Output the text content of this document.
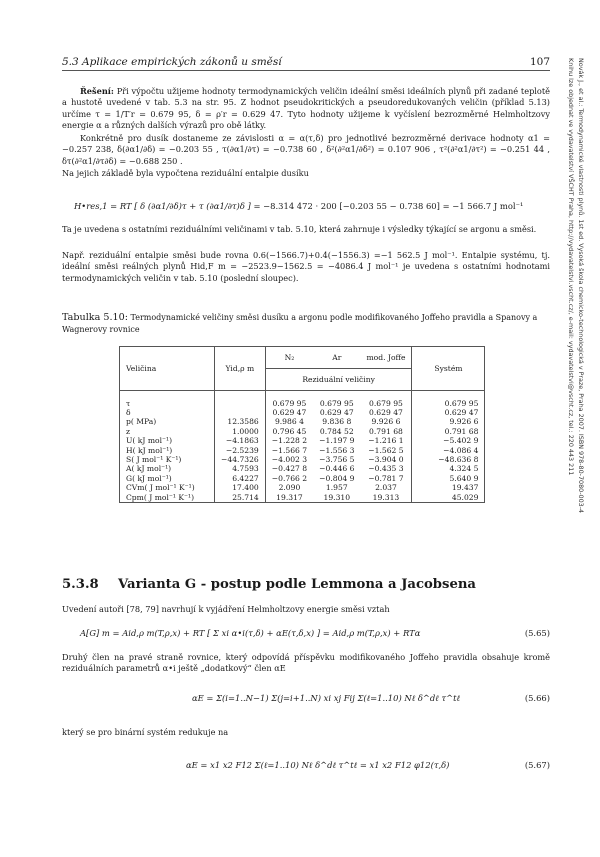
5.3 Aplikace empirických zákonů u směsí	107
Řešení: Při výpočtu užijeme hodnoty termodynamických veličin ideální směsi ideálních plynů při zadané teplotě a hustotě uvedené v tab. 5.3 na str. 95. Z hodnot pseudokritických a pseudoredukovaných veličin (příklad 5.13) určíme τ = 1/T′r = 0.679 95, δ = ρ′r = 0.629 47. Tyto hodnoty užijeme k vyčíslení bezrozměrné Helmholtzovy energie α a různých dalších výrazů pro obě látky.
Konkrétně pro dusík dostaneme ze závislosti α = α(τ,δ) pro jednotlivé bezrozměrné derivace hodnoty α1 = −0.257 238, δ(∂α1/∂δ) = −0.203 55 , τ(∂α1/∂τ) = −0.738 60 , δ²(∂²α1/∂δ²) = 0.107 906 , τ²(∂²α1/∂τ²) = −0.251 44 , δτ(∂²α1/∂τ∂δ) = −0.688 250 .
Na jejich základě byla vypočtena reziduální entalpie dusíku
H•res,1 = RT [ δ (∂α1/∂δ)τ + τ (∂α1/∂τ)δ ] = −8.314 472 · 200 [−0.203 55 − 0.738 60] = −1 566.7 J mol⁻¹
Ta je uvedena s ostatními reziduálními veličinami v tab. 5.10, která zahrnuje i výsledky týkající se argonu a směsi.
Např. reziduální entalpie směsi bude rovna 0.6(−1566.7)+0.4(−1556.3) =−1 562.5 J mol⁻¹. Entalpie systému, tj. ideální směsi reálných plynů Hid,F m = −2523.9−1562.5 = −4086.4 J mol⁻¹ je uvedena s ostatními hodnotami termodynamických veličin v tab. 5.10 (poslední sloupec).
Tabulka 5.10: Termodynamické veličiny směsi dusíku a argonu podle modifikovaného Joffeho pravidla a Spanovy a Wagnerovy rovnice
Veličina	Yid,ρ m	N₂	Ar	mod. Joffe	Systém
		Reziduální veličiny			

τ		0.679 95	0.679 95	0.679 95	0.679 95
δ		0.629 47	0.629 47	0.629 47	0.629 47
p( MPa)	12.3586	9.986 4	9.836 8	9.926 6	9.926 6
z	1.0000	0.796 45	0.784 52	0.791 68	0.791 68
U( kJ mol⁻¹)	−4.1863	−1.228 2	−1.197 9	−1.216 1	−5.402 9
H( kJ mol⁻¹)	−2.5239	−1.566 7	−1.556 3	−1.562 5	−4.086 4
S( J mol⁻¹ K⁻¹)	−44.7326	−4.002 3	−3.756 5	−3.904 0	−48.636 8
A( kJ mol⁻¹)	4.7593	−0.427 8	−0.446 6	−0.435 3	4.324 5
G( kJ mol⁻¹)	6.4227	−0.766 2	−0.804 9	−0.781 7	5.640 9
CVm( J mol⁻¹ K⁻¹)	17.400	2.090	1.957	2.037	19.437
Cpm( J mol⁻¹ K⁻¹)	25.714	19.317	19.310	19.313	45.029
5.3.8 Varianta G - postup podle Lemmona a Jacobsena
Uvedení autoři [78, 79] navrhují k vyjádření Helmholtzovy energie směsi vztah
A[G] m = Aid,ρ m(T,ρ,x) + RT [ Σ xi α•i(τ,δ) + αE(τ,δ,x) ] = Aid,ρ m(T,ρ,x) + RTα	(5.65)
Druhý člen na pravé straně rovnice, který odpovídá příspěvku modifikovaného Joffeho pravidla obsahuje kromě reziduálních parametrů α•i ještě „dodatkový“ člen αE
αE = Σ(i=1..N−1) Σ(j=i+1..N) xi xj Fij Σ(ℓ=1..10) Nℓ δ^dℓ τ^tℓ	(5.66)
který se pro binární systém redukuje na
αE = x1 x2 F12 Σ(ℓ=1..10) Nℓ δ^dℓ τ^tℓ = x1 x2 F12 φ12(τ,δ)	(5.67)
Novák J., et al.: Termodynamické vlastnosti plynů. 1st ed. Vysoká škola chemicko-technologická v Praze, Praha 2007. ISBN 978-80-7080-003-4
Knihu lze objednat ve vydavatelství VŠCHT Praha, http://vydavatelstvi.vscht.cz/, e-mail: vydavatelstvi@vscht.cz, tel.: 220 443 211
